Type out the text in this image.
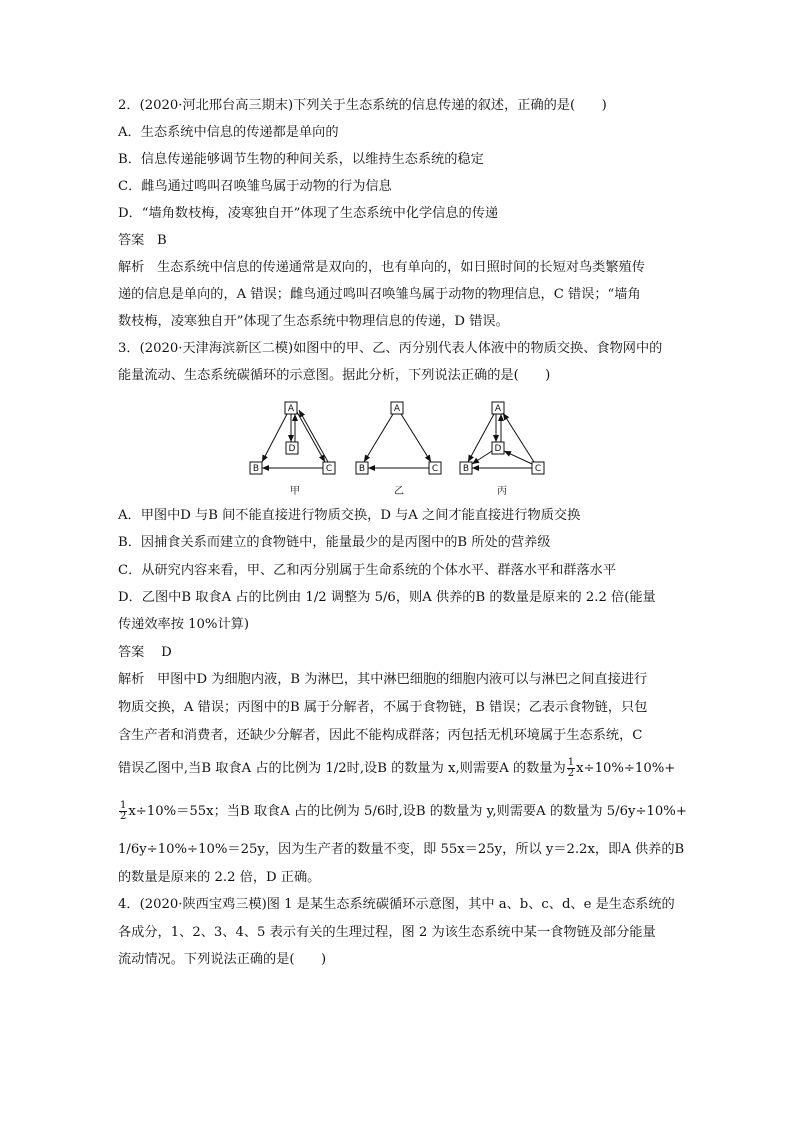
2．(2020·河北邢台高三期末)下列关于生态系统的信息传递的叙述，正确的是(　　)
A．生态系统中信息的传递都是单向的
B．信息传递能够调节生物的种间关系，以维持生态系统的稳定
C．雌鸟通过鸣叫召唤雏鸟属于动物的行为信息
D．“墙角数枝梅，凌寒独自开”体现了生态系统中化学信息的传递
答案 B
解析 生态系统中信息的传递通常是双向的，也有单向的，如日照时间的长短对鸟类繁殖传
递的信息是单向的，A 错误；雌鸟通过鸣叫召唤雏鸟属于动物的物理信息，C 错误；“墙角
数枝梅，凌寒独自开”体现了生态系统中物理信息的传递，D 错误。
3．(2020·天津海滨新区二模)如图中的甲、乙、丙分别代表人体液中的物质交换、食物网中的
能量流动、生态系统碳循环的示意图。据此分析，下列说法正确的是(　　)
A
D
B	C
A
B	C
A
D
B	C
甲	乙	丙
A．甲图中D 与B 间不能直接进行物质交换，D 与A 之间才能直接进行物质交换
B．因捕食关系而建立的食物链中，能量最少的是丙图中的B 所处的营养级
C．从研究内容来看，甲、乙和丙分别属于生命系统的个体水平、群落水平和群落水平
D．乙图中B 取食A 占的比例由 1/2 调整为 5/6，则A 供养的B 的数量是原来的 2.2 倍(能量
传递效率按 10%计算)
答案 D
解析 甲图中D 为细胞内液，B 为淋巴，其中淋巴细胞的细胞内液可以与淋巴之间直接进行
物质交换，A 错误；丙图中的B 属于分解者，不属于食物链，B 错误；乙表示食物链，只包
含生产者和消费者，还缺少分解者，因此不能构成群落；丙包括无机环境属于生态系统，C
错误乙图中,当B 取食A 占的比例为 1/2时,设B 的数量为 x,则需要A 的数量为 $\frac{1}{2} x\div 10\%\div 10\%+$
$\frac{1}{2} x\div 10\%=55x$；当B 取食A 占的比例为 5/6时,设B 的数量为 y,则需要A 的数量为 5/6y÷10%+
1/6y÷10%÷10%＝25y，因为生产者的数量不变，即 55x＝25y，所以 y＝2.2x，即A 供养的B
的数量是原来的 2.2 倍，D 正确。
4．(2020·陕西宝鸡三模)图 1 是某生态系统碳循环示意图，其中 a、b、c、d、e 是生态系统的
各成分，1、2、3、4、5 表示有关的生理过程，图 2 为该生态系统中某一食物链及部分能量
流动情况。下列说法正确的是(　　)
